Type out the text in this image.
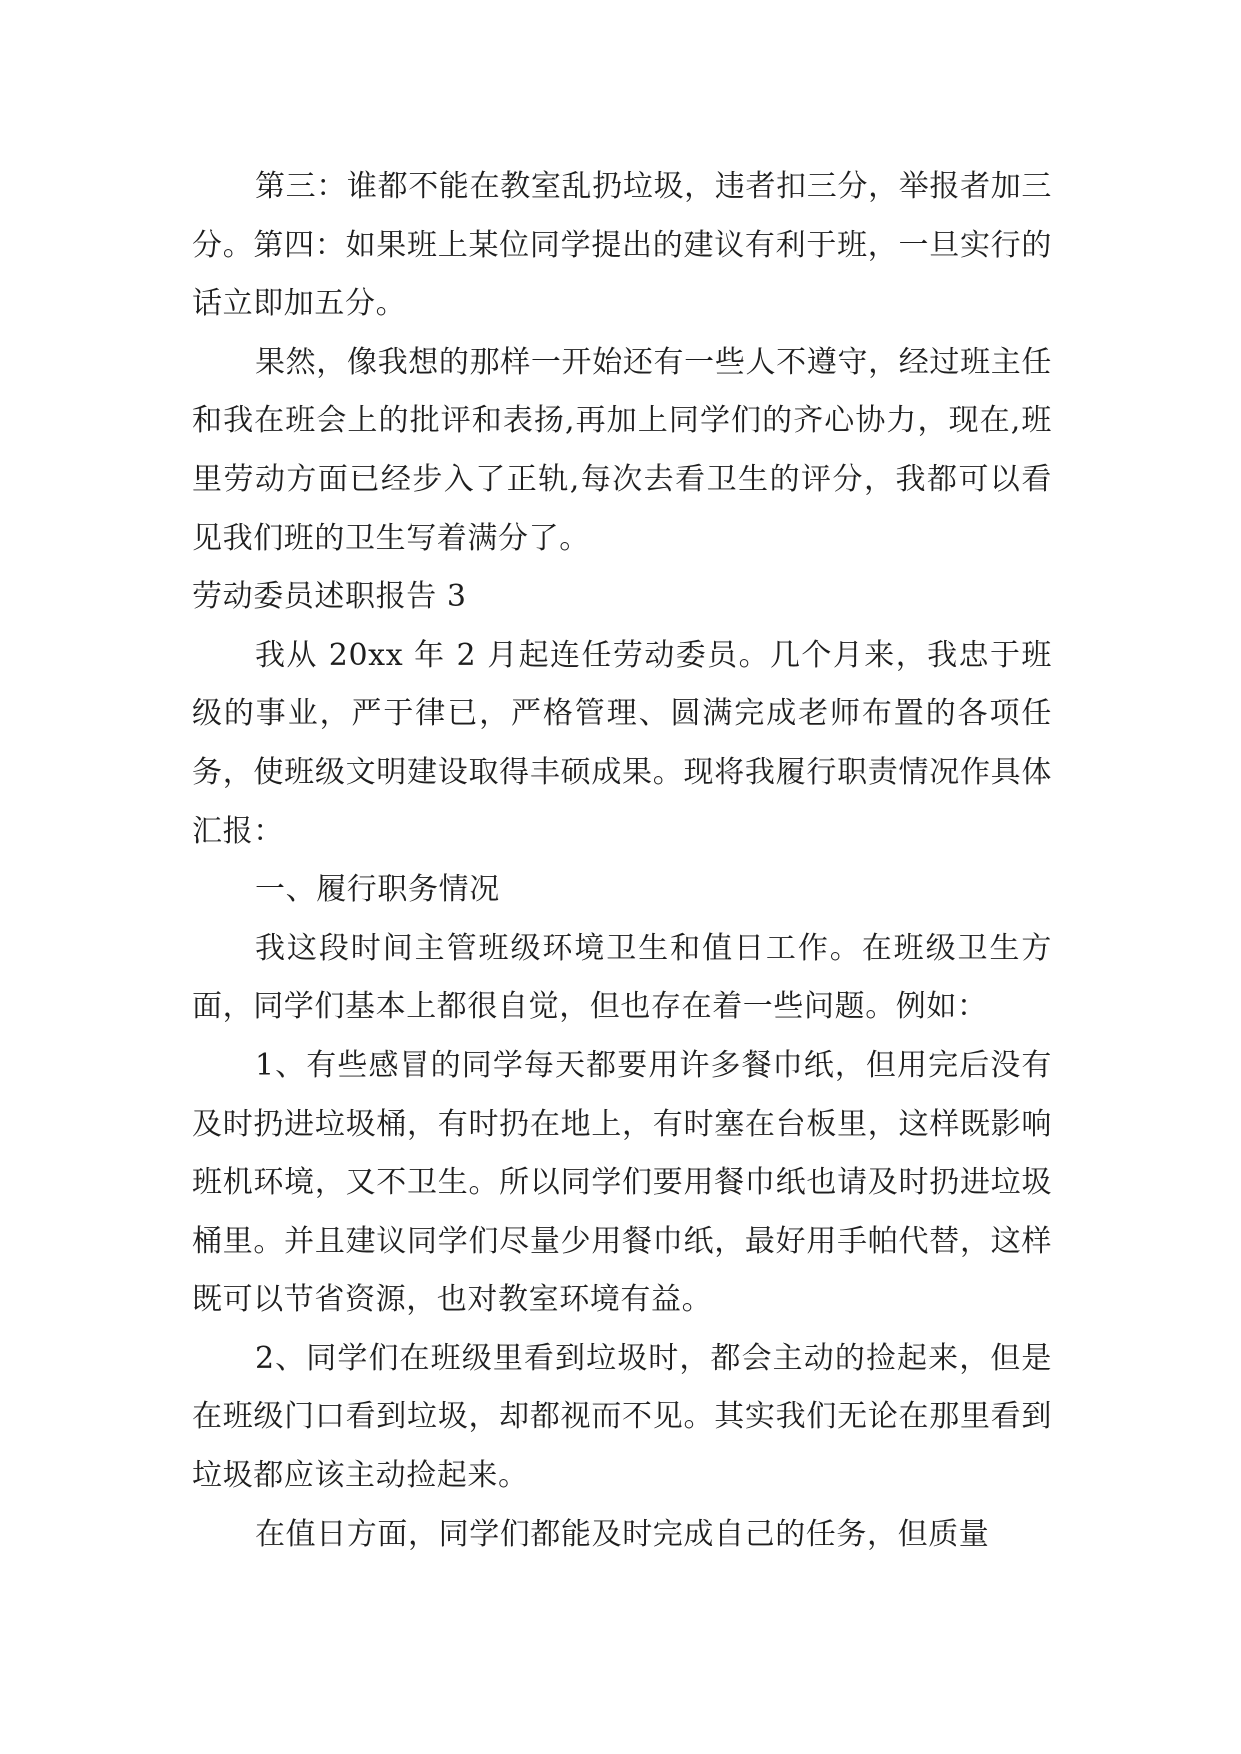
第三：谁都不能在教室乱扔垃圾，违者扣三分，举报者加三分。第四：如果班上某位同学提出的建议有利于班，一旦实行的话立即加五分。

果然，像我想的那样一开始还有一些人不遵守，经过班主任和我在班会上的批评和表扬,再加上同学们的齐心协力，现在,班里劳动方面已经步入了正轨,每次去看卫生的评分，我都可以看见我们班的卫生写着满分了。

劳动委员述职报告 3

我从 20xx 年 2 月起连任劳动委员。几个月来，我忠于班级的事业，严于律已，严格管理、圆满完成老师布置的各项任务，使班级文明建设取得丰硕成果。现将我履行职责情况作具体汇报：

一、履行职务情况

我这段时间主管班级环境卫生和值日工作。在班级卫生方面，同学们基本上都很自觉，但也存在着一些问题。例如：

1、有些感冒的同学每天都要用许多餐巾纸，但用完后没有及时扔进垃圾桶，有时扔在地上，有时塞在台板里，这样既影响班机环境，又不卫生。所以同学们要用餐巾纸也请及时扔进垃圾桶里。并且建议同学们尽量少用餐巾纸，最好用手帕代替，这样既可以节省资源，也对教室环境有益。

2、同学们在班级里看到垃圾时，都会主动的捡起来，但是在班级门口看到垃圾，却都视而不见。其实我们无论在那里看到垃圾都应该主动捡起来。

在值日方面，同学们都能及时完成自己的任务，但质量
